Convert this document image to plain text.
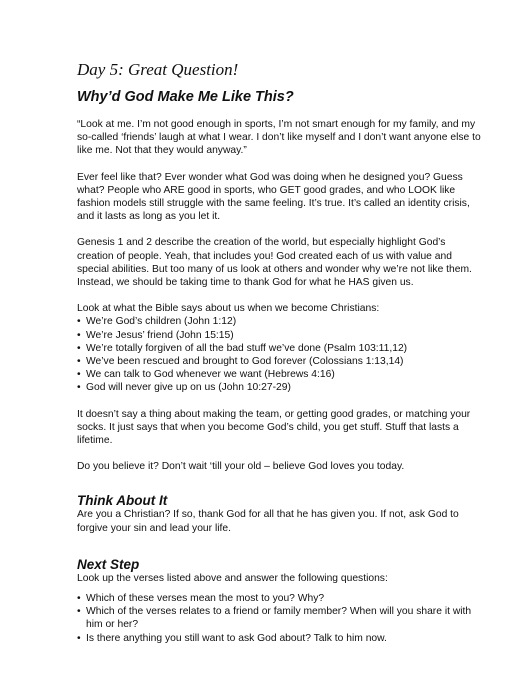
Day 5: Great Question!
Why’d God Make Me Like This?

“Look at me. I’m not good enough in sports, I’m not smart enough for my family, and my so-called ‘friends’ laugh at what I wear. I don’t like myself and I don’t want anyone else to like me. Not that they would anyway.”

Ever feel like that? Ever wonder what God was doing when he designed you? Guess what? People who ARE good in sports, who GET good grades, and who LOOK like fashion models still struggle with the same feeling. It’s true. It’s called an identity crisis, and it lasts as long as you let it.

Genesis 1 and 2 describe the creation of the world, but especially highlight God’s creation of people. Yeah, that includes you! God created each of us with value and special abilities. But too many of us look at others and wonder why we’re not like them. Instead, we should be taking time to thank God for what he HAS given us.

Look at what the Bible says about us when we become Christians:

• We’re God’s children (John 1:12)
• We’re Jesus’ friend (John 15:15)
• We’re totally forgiven of all the bad stuff we’ve done (Psalm 103:11,12)
• We’ve been rescued and brought to God forever (Colossians 1:13,14)
• We can talk to God whenever we want (Hebrews 4:16)
• God will never give up on us (John 10:27-29)

It doesn’t say a thing about making the team, or getting good grades, or matching your socks. It just says that when you become God’s child, you get stuff. Stuff that lasts a lifetime.

Do you believe it? Don’t wait ‘till your old – believe God loves you today.

Think About It

Are you a Christian? If so, thank God for all that he has given you. If not, ask God to forgive your sin and lead your life.

Next Step

Look up the verses listed above and answer the following questions:

• Which of these verses mean the most to you? Why?
• Which of the verses relates to a friend or family member? When will you share it with him or her?
• Is there anything you still want to ask God about? Talk to him now.
